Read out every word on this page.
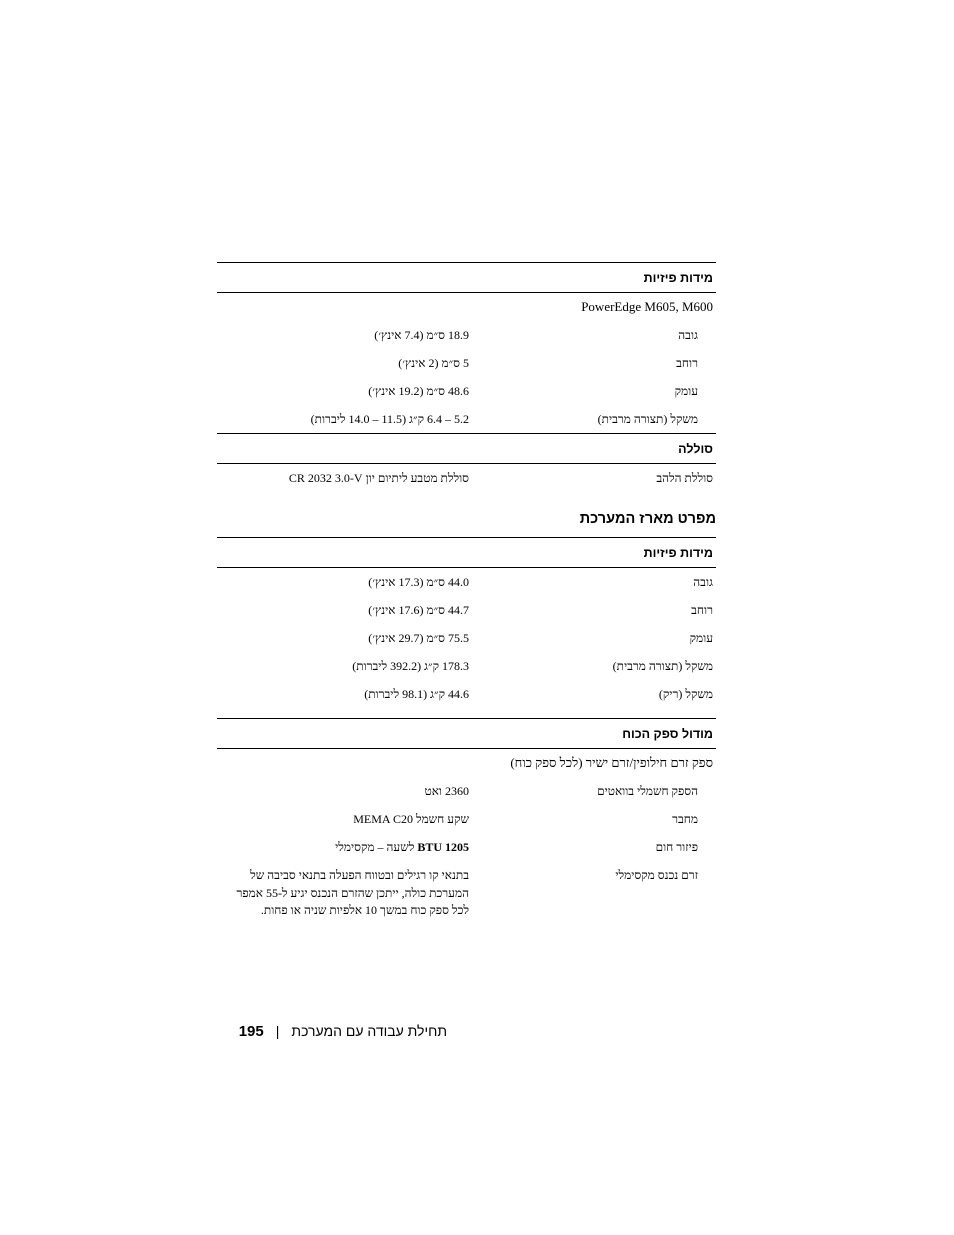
מידות פיזיות
PowerEdge M605, M600
גובה
18.9 ס״מ (7.4 אינץ׳)
רוחב
5 ס״מ (2 אינץ׳)
עומק
48.6 ס״מ (19.2 אינץ׳)
משקל (תצורה מרבית)
5.2 – 6.4 ק״ג (11.5 – 14.0 ליברות)
סוללה
סוללת הלהב
סוללת מטבע ליתיום יון CR 2032 3.0-V
מפרט מארז המערכת
מידות פיזיות
גובה
44.0 ס״מ (17.3 אינץ׳)
רוחב
44.7 ס״מ (17.6 אינץ׳)
עומק
75.5 ס״מ (29.7 אינץ׳)
משקל (תצורה מרבית)
178.3 ק״ג (392.2 ליברות)
משקל (ריק)
44.6 ק״ג (98.1 ליברות)
מודול ספק הכוח
ספק זרם חילופין/זרם ישיר (לכל ספק כוח)
הספק חשמלי בוואטים
2360 ואט
מחבר
שקע חשמל MEMA C20
פיזור חום
1205 BTU לשעה – מקסימלי
זרם נכנס מקסימלי
בתנאי קו רגילים ובטווח הפעלה בתנאי סביבה של המערכת כולה, ייתכן שהזרם הנכנס יגיע ל-55 אמפר לכל ספק כוח במשך 10 אלפיות שניה או פחות.
תחילת עבודה עם המערכת
|
195
